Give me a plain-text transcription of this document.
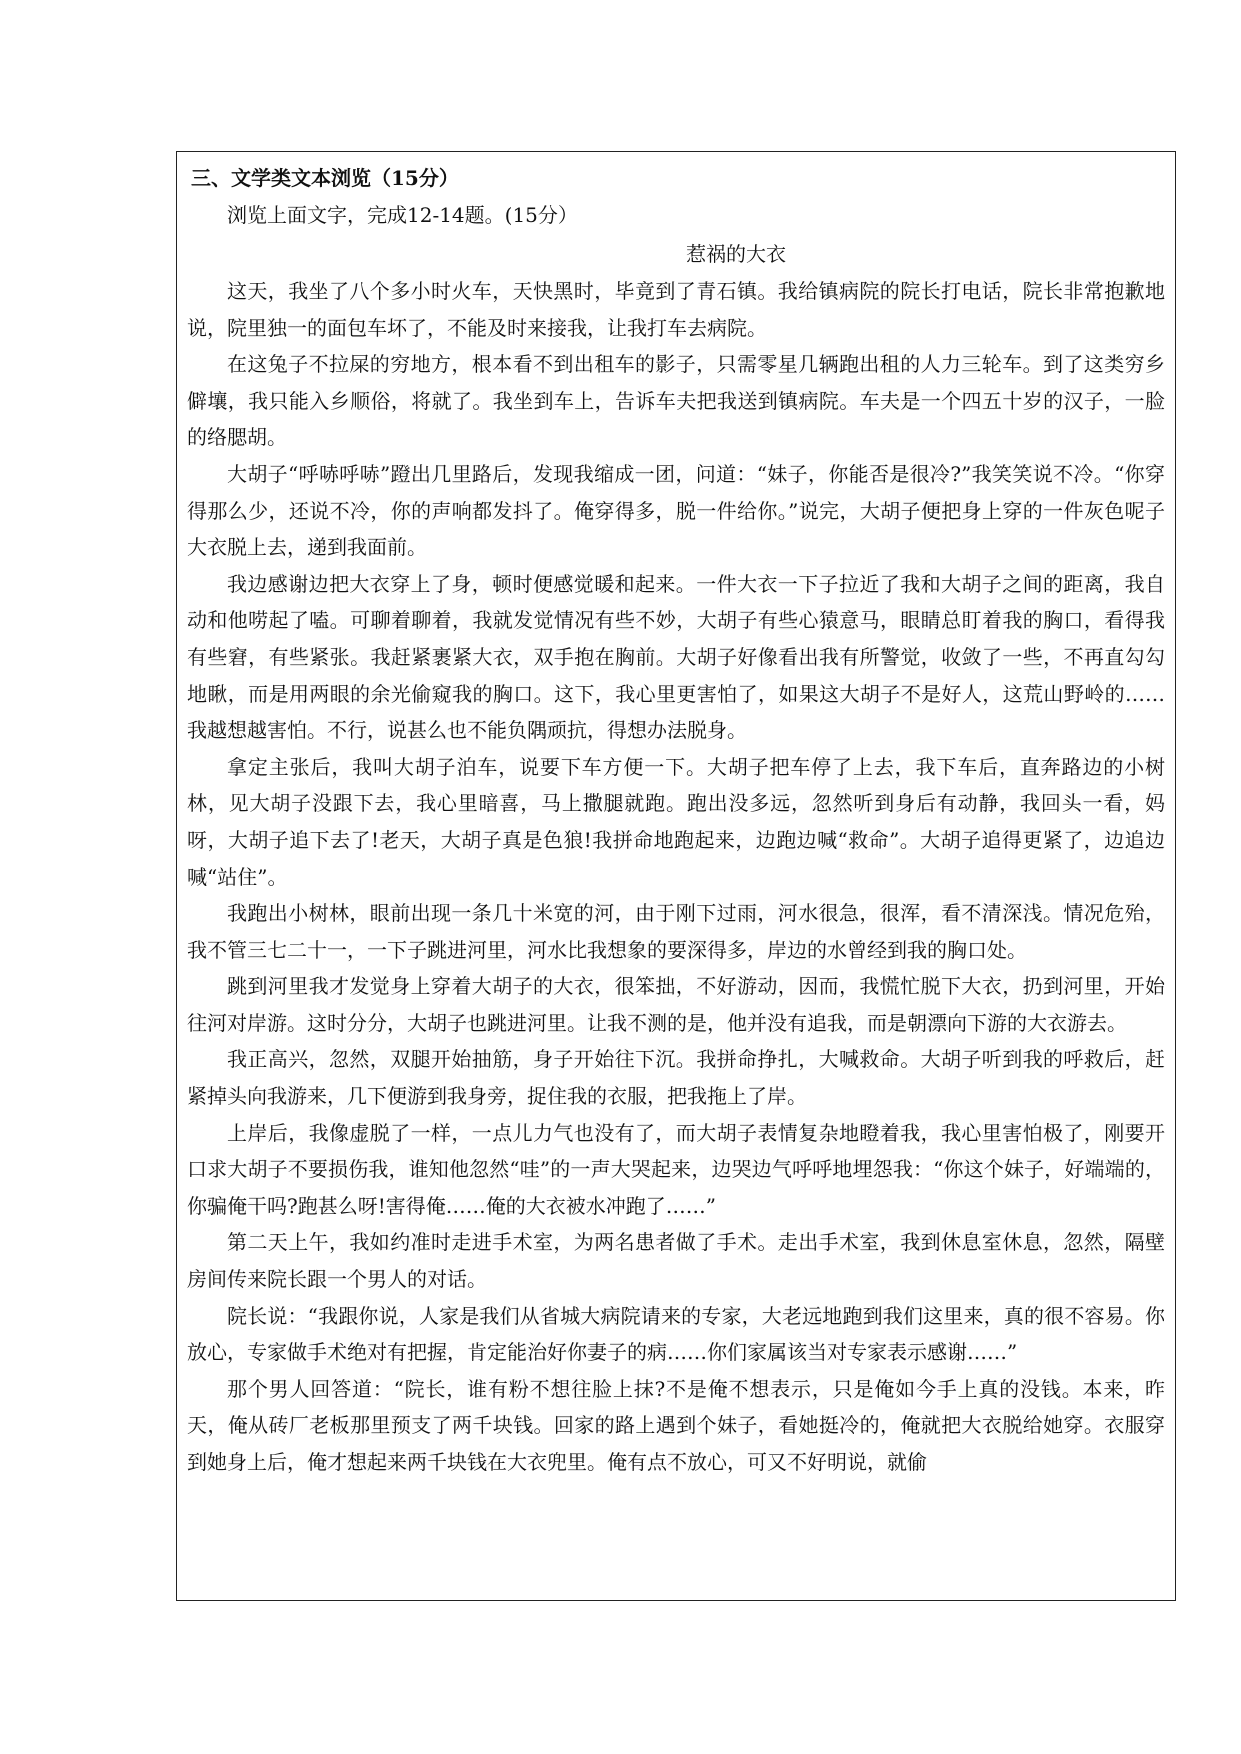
三、文学类文本浏览（15分）

浏览上面文字，完成12-14题。(15分）

惹祸的大衣

这天，我坐了八个多小时火车，天快黑时，毕竟到了青石镇。我给镇病院的院长打电话，院长非常抱歉地说，院里独一的面包车坏了，不能及时来接我，让我打车去病院。

在这兔子不拉屎的穷地方，根本看不到出租车的影子，只需零星几辆跑出租的人力三轮车。到了这类穷乡僻壤，我只能入乡顺俗，将就了。我坐到车上，告诉车夫把我送到镇病院。车夫是一个四五十岁的汉子，一脸的络腮胡。

大胡子“呼哧呼哧”蹬出几里路后，发现我缩成一团，问道：“妹子，你能否是很冷?”我笑笑说不冷。“你穿得那么少，还说不冷，你的声响都发抖了。俺穿得多，脱一件给你。”说完，大胡子便把身上穿的一件灰色呢子大衣脱上去，递到我面前。

我边感谢边把大衣穿上了身，顿时便感觉暖和起来。一件大衣一下子拉近了我和大胡子之间的距离，我自动和他唠起了嗑。可聊着聊着，我就发觉情况有些不妙，大胡子有些心猿意马，眼睛总盯着我的胸口，看得我有些窘，有些紧张。我赶紧裹紧大衣，双手抱在胸前。大胡子好像看出我有所警觉，收敛了一些，不再直勾勾地瞅，而是用两眼的余光偷窥我的胸口。这下，我心里更害怕了，如果这大胡子不是好人，这荒山野岭的……我越想越害怕。不行，说甚么也不能负隅顽抗，得想办法脱身。

拿定主张后，我叫大胡子泊车，说要下车方便一下。大胡子把车停了上去，我下车后，直奔路边的小树林，见大胡子没跟下去，我心里暗喜，马上撒腿就跑。跑出没多远，忽然听到身后有动静，我回头一看，妈呀，大胡子追下去了!老天，大胡子真是色狼!我拼命地跑起来，边跑边喊“救命”。大胡子追得更紧了，边追边喊“站住”。

我跑出小树林，眼前出现一条几十米宽的河，由于刚下过雨，河水很急，很浑，看不清深浅。情况危殆，我不管三七二十一，一下子跳进河里，河水比我想象的要深得多，岸边的水曾经到我的胸口处。

跳到河里我才发觉身上穿着大胡子的大衣，很笨拙，不好游动，因而，我慌忙脱下大衣，扔到河里，开始往河对岸游。这时分分，大胡子也跳进河里。让我不测的是，他并没有追我，而是朝漂向下游的大衣游去。

我正高兴，忽然，双腿开始抽筋，身子开始往下沉。我拼命挣扎，大喊救命。大胡子听到我的呼救后，赶紧掉头向我游来，几下便游到我身旁，捉住我的衣服，把我拖上了岸。

上岸后，我像虚脱了一样，一点儿力气也没有了，而大胡子表情复杂地瞪着我，我心里害怕极了，刚要开口求大胡子不要损伤我，谁知他忽然“哇”的一声大哭起来，边哭边气呼呼地埋怨我：“你这个妹子，好端端的，你骗俺干吗?跑甚么呀!害得俺……俺的大衣被水冲跑了……”

第二天上午，我如约准时走进手术室，为两名患者做了手术。走出手术室，我到休息室休息，忽然，隔壁房间传来院长跟一个男人的对话。

院长说：“我跟你说，人家是我们从省城大病院请来的专家，大老远地跑到我们这里来，真的很不容易。你放心，专家做手术绝对有把握，肯定能治好你妻子的病……你们家属该当对专家表示感谢……”

那个男人回答道：“院长，谁有粉不想往脸上抹?不是俺不想表示，只是俺如今手上真的没钱。本来，昨天，俺从砖厂老板那里预支了两千块钱。回家的路上遇到个妹子，看她挺冷的，俺就把大衣脱给她穿。衣服穿到她身上后，俺才想起来两千块钱在大衣兜里。俺有点不放心，可又不好明说，就偷
